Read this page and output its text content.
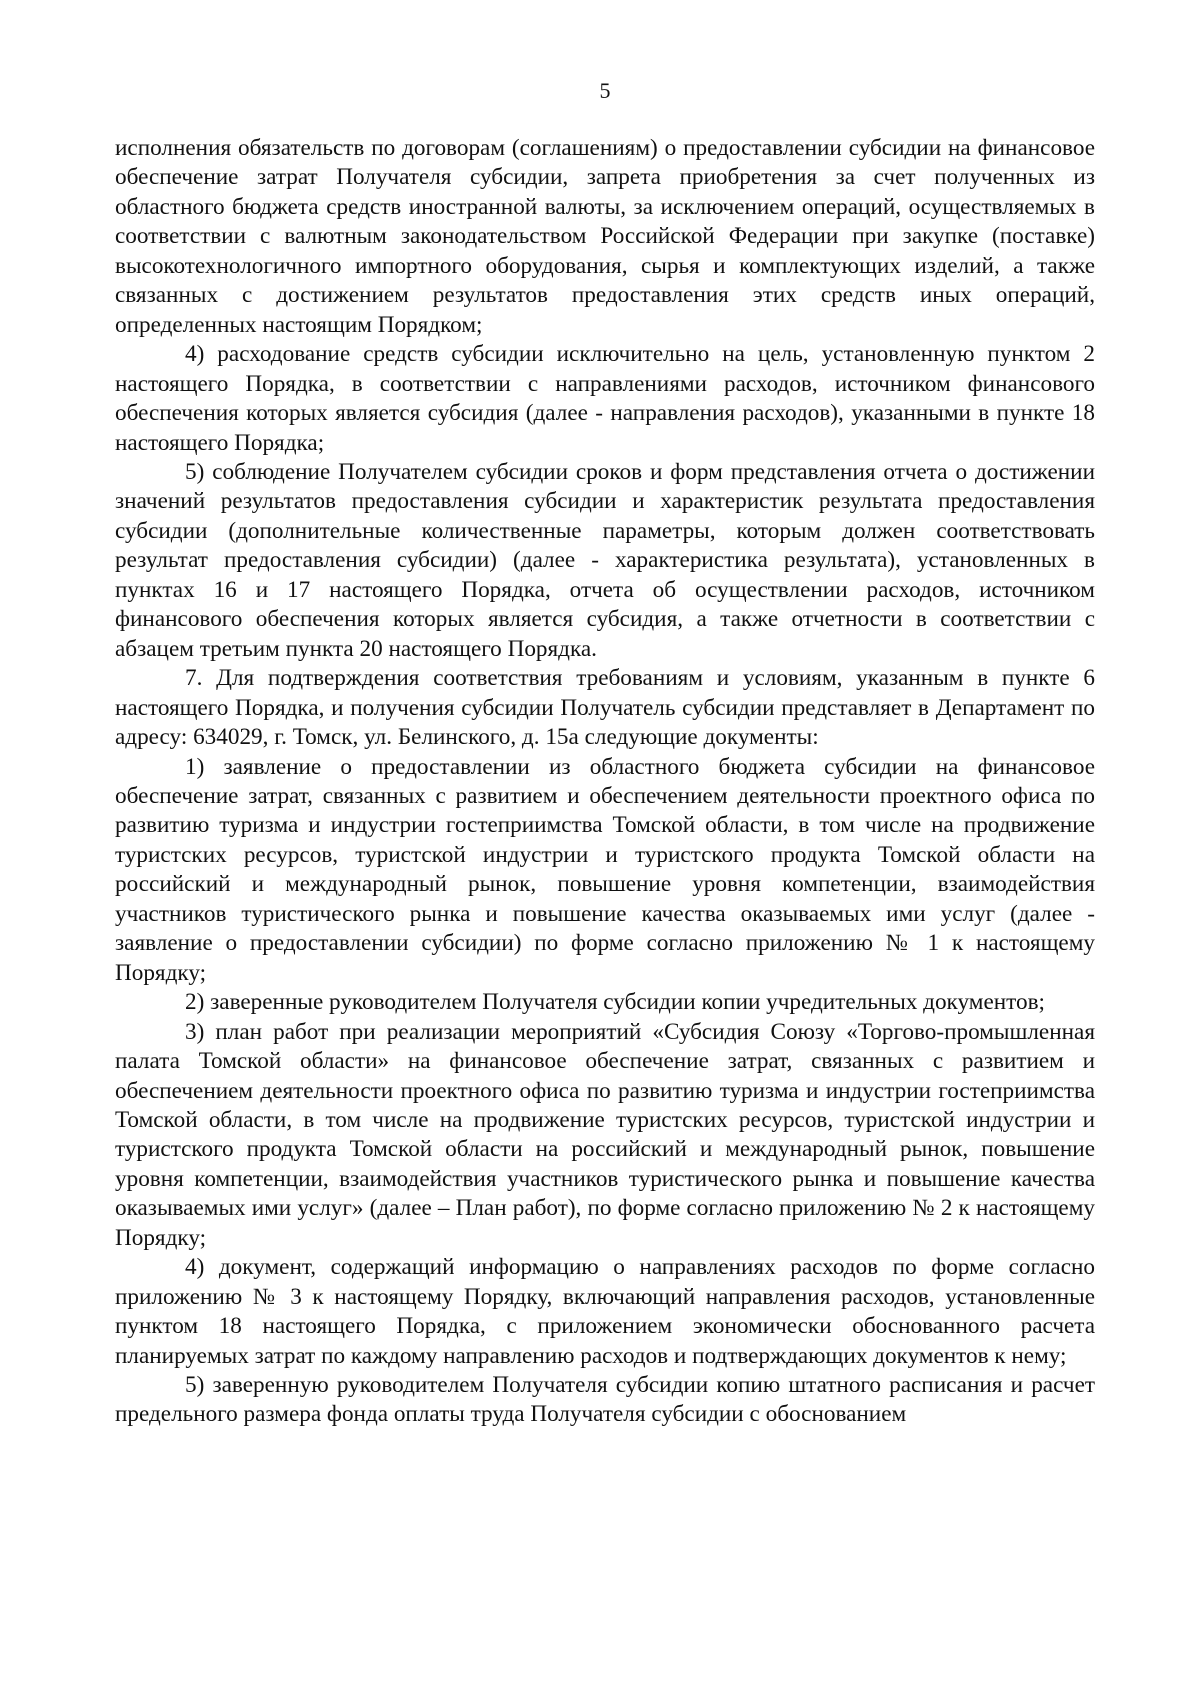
5

исполнения обязательств по договорам (соглашениям) о предоставлении субсидии на финансовое обеспечение затрат Получателя субсидии, запрета приобретения за счет полученных из областного бюджета средств иностранной валюты, за исключением операций, осуществляемых в соответствии с валютным законодательством Российской Федерации при закупке (поставке) высокотехнологичного импортного оборудования, сырья и комплектующих изделий, а также связанных с достижением результатов предоставления этих средств иных операций, определенных настоящим Порядком;

4) расходование средств субсидии исключительно на цель, установленную пунктом 2 настоящего Порядка, в соответствии с направлениями расходов, источником финансового обеспечения которых является субсидия (далее - направления расходов), указанными в пункте 18 настоящего Порядка;

5) соблюдение Получателем субсидии сроков и форм представления отчета о достижении значений результатов предоставления субсидии и характеристик результата предоставления субсидии (дополнительные количественные параметры, которым должен соответствовать результат предоставления субсидии) (далее - характеристика результата), установленных в пунктах 16 и 17 настоящего Порядка, отчета об осуществлении расходов, источником финансового обеспечения которых является субсидия, а также отчетности в соответствии с абзацем третьим пункта 20 настоящего Порядка.

7. Для подтверждения соответствия требованиям и условиям, указанным в пункте 6 настоящего Порядка, и получения субсидии Получатель субсидии представляет в Департамент по адресу: 634029, г. Томск, ул. Белинского, д. 15а следующие документы:

1) заявление о предоставлении из областного бюджета субсидии на финансовое обеспечение затрат, связанных с развитием и обеспечением деятельности проектного офиса по развитию туризма и индустрии гостеприимства Томской области, в том числе на продвижение туристских ресурсов, туристской индустрии и туристского продукта Томской области на российский и международный рынок, повышение уровня компетенции, взаимодействия участников туристического рынка и повышение качества оказываемых ими услуг (далее - заявление о предоставлении субсидии) по форме согласно приложению № 1 к настоящему Порядку;

2) заверенные руководителем Получателя субсидии копии учредительных документов;

3) план работ при реализации мероприятий «Субсидия Союзу «Торгово-промышленная палата Томской области» на финансовое обеспечение затрат, связанных с развитием и обеспечением деятельности проектного офиса по развитию туризма и индустрии гостеприимства Томской области, в том числе на продвижение туристских ресурсов, туристской индустрии и туристского продукта Томской области на российский и международный рынок, повышение уровня компетенции, взаимодействия участников туристического рынка и повышение качества оказываемых ими услуг» (далее – План работ), по форме согласно приложению № 2 к настоящему Порядку;

4) документ, содержащий информацию о направлениях расходов по форме согласно приложению № 3 к настоящему Порядку, включающий направления расходов, установленные пунктом 18 настоящего Порядка, с приложением экономически обоснованного расчета планируемых затрат по каждому направлению расходов и подтверждающих документов к нему;

5) заверенную руководителем Получателя субсидии копию штатного расписания и расчет предельного размера фонда оплаты труда Получателя субсидии с обоснованием
